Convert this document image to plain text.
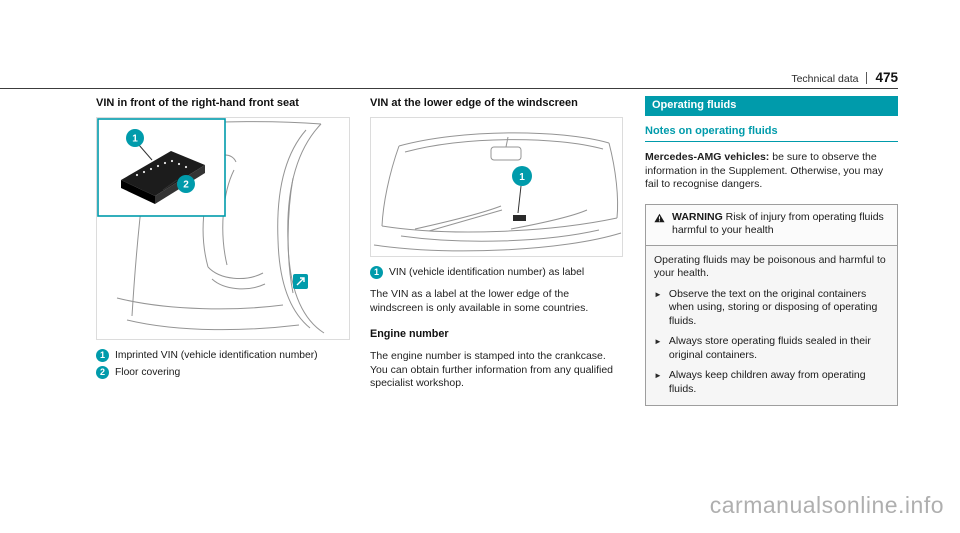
Technical data 475
VIN in front of the right-hand front seat
1
2
1 Imprinted VIN (vehicle identification number)
2 Floor covering
VIN at the lower edge of the windscreen
1
1 VIN (vehicle identification number) as label

The VIN as a label at the lower edge of the windscreen is only available in some countries.

Engine number

The engine number is stamped into the crankcase. You can obtain further information from any qualified specialist workshop.

Operating fluids
Notes on operating fluids

Mercedes-AMG vehicles: be sure to observe the information in the Supplement. Otherwise, you may fail to recognise dangers.

WARNING Risk of injury from operating fluids harmful to your health

Operating fluids may be poisonous and harmful to your health.

► Observe the text on the original containers when using, storing or disposing of operating fluids.
► Always store operating fluids sealed in their original containers.
► Always keep children away from operating fluids.
carmanualsonline.info
